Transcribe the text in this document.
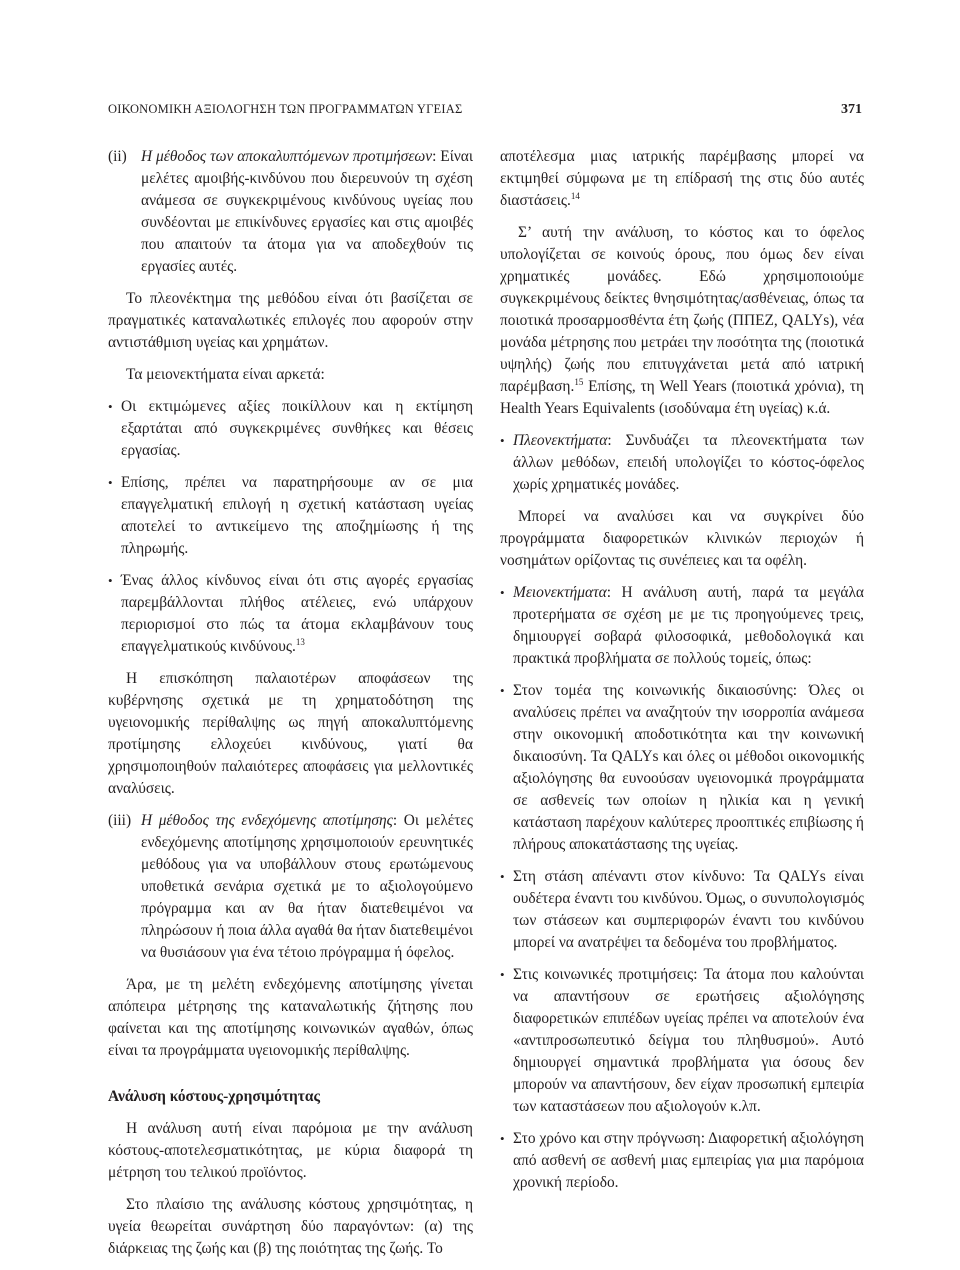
ΟΙΚΟΝΟΜΙΚΗ ΑΞΙΟΛΟΓΗΣΗ ΤΩΝ ΠΡΟΓΡΑΜΜΑΤΩΝ ΥΓΕΙΑΣ	371
(ii) Η μέθοδος των αποκαλυπτόμενων προτιμήσεων: Είναι μελέτες αμοιβής-κινδύνου που διερευνούν τη σχέση ανάμεσα σε συγκεκριμένους κινδύνους υγείας που συνδέονται με επικίνδυνες εργασίες και στις αμοιβές που απαιτούν τα άτομα για να αποδεχθούν τις εργασίες αυτές.

Το πλεονέκτημα της μεθόδου είναι ότι βασίζεται σε πραγματικές καταναλωτικές επιλογές που αφορούν στην αντιστάθμιση υγείας και χρημάτων.

Τα μειονεκτήματα είναι αρκετά:

• Οι εκτιμώμενες αξίες ποικίλλουν και η εκτίμηση εξαρτάται από συγκεκριμένες συνθήκες και θέσεις εργασίας.
• Επίσης, πρέπει να παρατηρήσουμε αν σε μια επαγγελματική επιλογή η σχετική κατάσταση υγείας αποτελεί το αντικείμενο της αποζημίωσης ή της πληρωμής.
• Ένας άλλος κίνδυνος είναι ότι στις αγορές εργασίας παρεμβάλλονται πλήθος ατέλειες, ενώ υπάρχουν περιορισμοί στο πώς τα άτομα εκλαμβάνουν τους επαγγελματικούς κινδύνους.$^{13}$

Η επισκόπηση παλαιοτέρων αποφάσεων της κυβέρνησης σχετικά με τη χρηματοδότηση της υγειονομικής περίθαλψης ως πηγή αποκαλυπτόμενης προτίμησης ελλοχεύει κινδύνους, γιατί θα χρησιμοποιηθούν παλαιότερες αποφάσεις για μελλοντικές αναλύσεις.

(iii) Η μέθοδος της ενδεχόμενης αποτίμησης: Οι μελέτες ενδεχόμενης αποτίμησης χρησιμοποιούν ερευνητικές μεθόδους για να υποβάλλουν στους ερωτώμενους υποθετικά σενάρια σχετικά με το αξιολογούμενο πρόγραμμα και αν θα ήταν διατεθειμένοι να πληρώσουν ή ποια άλλα αγαθά θα ήταν διατεθειμένοι να θυσιάσουν για ένα τέτοιο πρόγραμμα ή όφελος.

Άρα, με τη μελέτη ενδεχόμενης αποτίμησης γίνεται απόπειρα μέτρησης της καταναλωτικής ζήτησης που φαίνεται και της αποτίμησης κοινωνικών αγαθών, όπως είναι τα προγράμματα υγειονομικής περίθαλψης.

Ανάλυση κόστους-χρησιμότητας

Η ανάλυση αυτή είναι παρόμοια με την ανάλυση κόστους-αποτελεσματικότητας, με κύρια διαφορά τη μέτρηση του τελικού προϊόντος.

Στο πλαίσιο της ανάλυσης κόστους χρησιμότητας, η υγεία θεωρείται συνάρτηση δύο παραγόντων: (α) της διάρκειας της ζωής και (β) της ποιότητας της ζωής. Το

αποτέλεσμα μιας ιατρικής παρέμβασης μπορεί να εκτιμηθεί σύμφωνα με τη επίδρασή της στις δύο αυτές διαστάσεις.$^{14}$

Σ’ αυτή την ανάλυση, το κόστος και το όφελος υπολογίζεται σε κοινούς όρους, που όμως δεν είναι χρηματικές μονάδες. Εδώ χρησιμοποιούμε συγκεκριμένους δείκτες θνησιμότητας/ασθένειας, όπως τα ποιοτικά προσαρμοσθέντα έτη ζωής (ΠΠΕΖ, QALYs), νέα μονάδα μέτρησης που μετράει την ποσότητα της (ποιοτικά υψηλής) ζωής που επιτυγχάνεται μετά από ιατρική παρέμβαση.$^{15}$ Επίσης, τη Well Years (ποιοτικά χρόνια), τη Health Years Equivalents (ισοδύναμα έτη υγείας) κ.ά.

• Πλεονεκτήματα: Συνδυάζει τα πλεονεκτήματα των άλλων μεθόδων, επειδή υπολογίζει το κόστος-όφελος χωρίς χρηματικές μονάδες.

Μπορεί να αναλύσει και να συγκρίνει δύο προγράμματα διαφορετικών κλινικών περιοχών ή νοσημάτων ορίζοντας τις συνέπειες και τα οφέλη.

• Μειονεκτήματα: Η ανάλυση αυτή, παρά τα μεγάλα προτερήματα σε σχέση με με τις προηγούμενες τρεις, δημιουργεί σοβαρά φιλοσοφικά, μεθοδολογικά και πρακτικά προβλήματα σε πολλούς τομείς, όπως:
• Στον τομέα της κοινωνικής δικαιοσύνης: Όλες οι αναλύσεις πρέπει να αναζητούν την ισορροπία ανάμεσα στην οικονομική αποδοτικότητα και την κοινωνική δικαιοσύνη. Τα QALYs και όλες οι μέθοδοι οικονομικής αξιολόγησης θα ευνοούσαν υγειονομικά προγράμματα σε ασθενείς των οποίων η ηλικία και η γενική κατάσταση παρέχουν καλύτερες προοπτικές επιβίωσης ή πλήρους αποκατάστασης της υγείας.
• Στη στάση απέναντι στον κίνδυνο: Τα QALYs είναι ουδέτερα έναντι του κινδύνου. Όμως, ο συνυπολογισμός των στάσεων και συμπεριφορών έναντι του κινδύνου μπορεί να ανατρέψει τα δεδομένα του προβλήματος.
• Στις κοινωνικές προτιμήσεις: Τα άτομα που καλούνται να απαντήσουν σε ερωτήσεις αξιολόγησης διαφορετικών επιπέδων υγείας πρέπει να αποτελούν ένα «αντιπροσωπευτικό δείγμα του πληθυσμού». Αυτό δημιουργεί σημαντικά προβλήματα για όσους δεν μπορούν να απαντήσουν, δεν είχαν προσωπική εμπειρία των καταστάσεων που αξιολογούν κ.λπ.
• Στο χρόνο και στην πρόγνωση: Διαφορετική αξιολόγηση από ασθενή σε ασθενή μιας εμπειρίας για μια παρόμοια χρονική περίοδο.
